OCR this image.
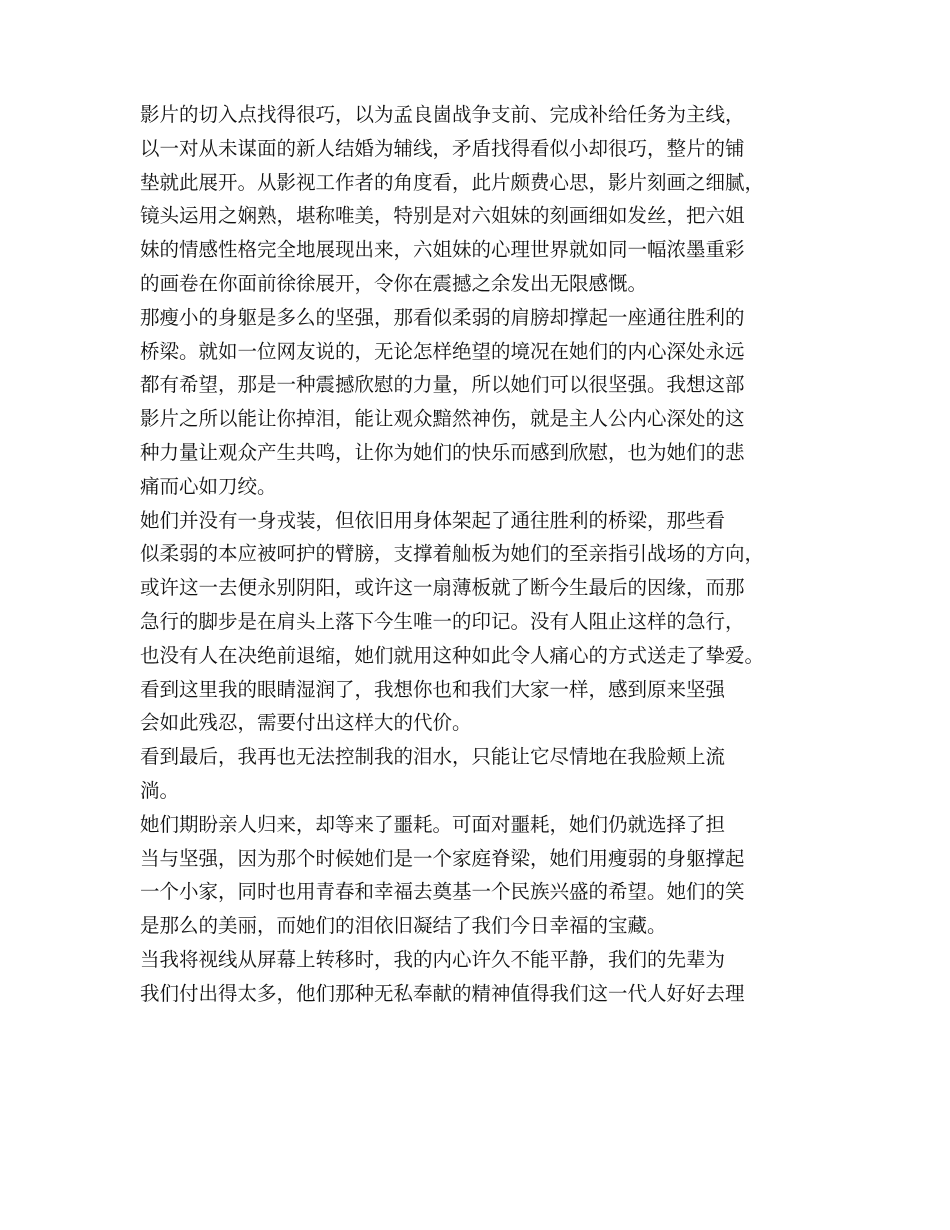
影片的切入点找得很巧，以为孟良崮战争支前、完成补给任务为主线，
以一对从未谋面的新人结婚为辅线，矛盾找得看似小却很巧，整片的铺
垫就此展开。从影视工作者的角度看，此片颇费心思，影片刻画之细腻，
镜头运用之娴熟，堪称唯美，特别是对六姐妹的刻画细如发丝，把六姐
妹的情感性格完全地展现出来，六姐妹的心理世界就如同一幅浓墨重彩
的画卷在你面前徐徐展开，令你在震撼之余发出无限感慨。
那瘦小的身躯是多么的坚强，那看似柔弱的肩膀却撑起一座通往胜利的
桥梁。就如一位网友说的，无论怎样绝望的境况在她们的内心深处永远
都有希望，那是一种震撼欣慰的力量，所以她们可以很坚强。我想这部
影片之所以能让你掉泪，能让观众黯然神伤，就是主人公内心深处的这
种力量让观众产生共鸣，让你为她们的快乐而感到欣慰，也为她们的悲
痛而心如刀绞。
她们并没有一身戎装，但依旧用身体架起了通往胜利的桥梁，那些看
似柔弱的本应被呵护的臂膀，支撑着舢板为她们的至亲指引战场的方向，
或许这一去便永别阴阳，或许这一扇薄板就了断今生最后的因缘，而那
急行的脚步是在肩头上落下今生唯一的印记。没有人阻止这样的急行，
也没有人在决绝前退缩，她们就用这种如此令人痛心的方式送走了挚爱。
看到这里我的眼睛湿润了，我想你也和我们大家一样，感到原来坚强
会如此残忍，需要付出这样大的代价。
看到最后，我再也无法控制我的泪水，只能让它尽情地在我脸颊上流
淌。
她们期盼亲人归来，却等来了噩耗。可面对噩耗，她们仍就选择了担
当与坚强，因为那个时候她们是一个家庭脊梁，她们用瘦弱的身躯撑起
一个小家，同时也用青春和幸福去奠基一个民族兴盛的希望。她们的笑
是那么的美丽，而她们的泪依旧凝结了我们今日幸福的宝藏。
当我将视线从屏幕上转移时，我的内心许久不能平静，我们的先辈为
我们付出得太多，他们那种无私奉献的精神值得我们这一代人好好去理
